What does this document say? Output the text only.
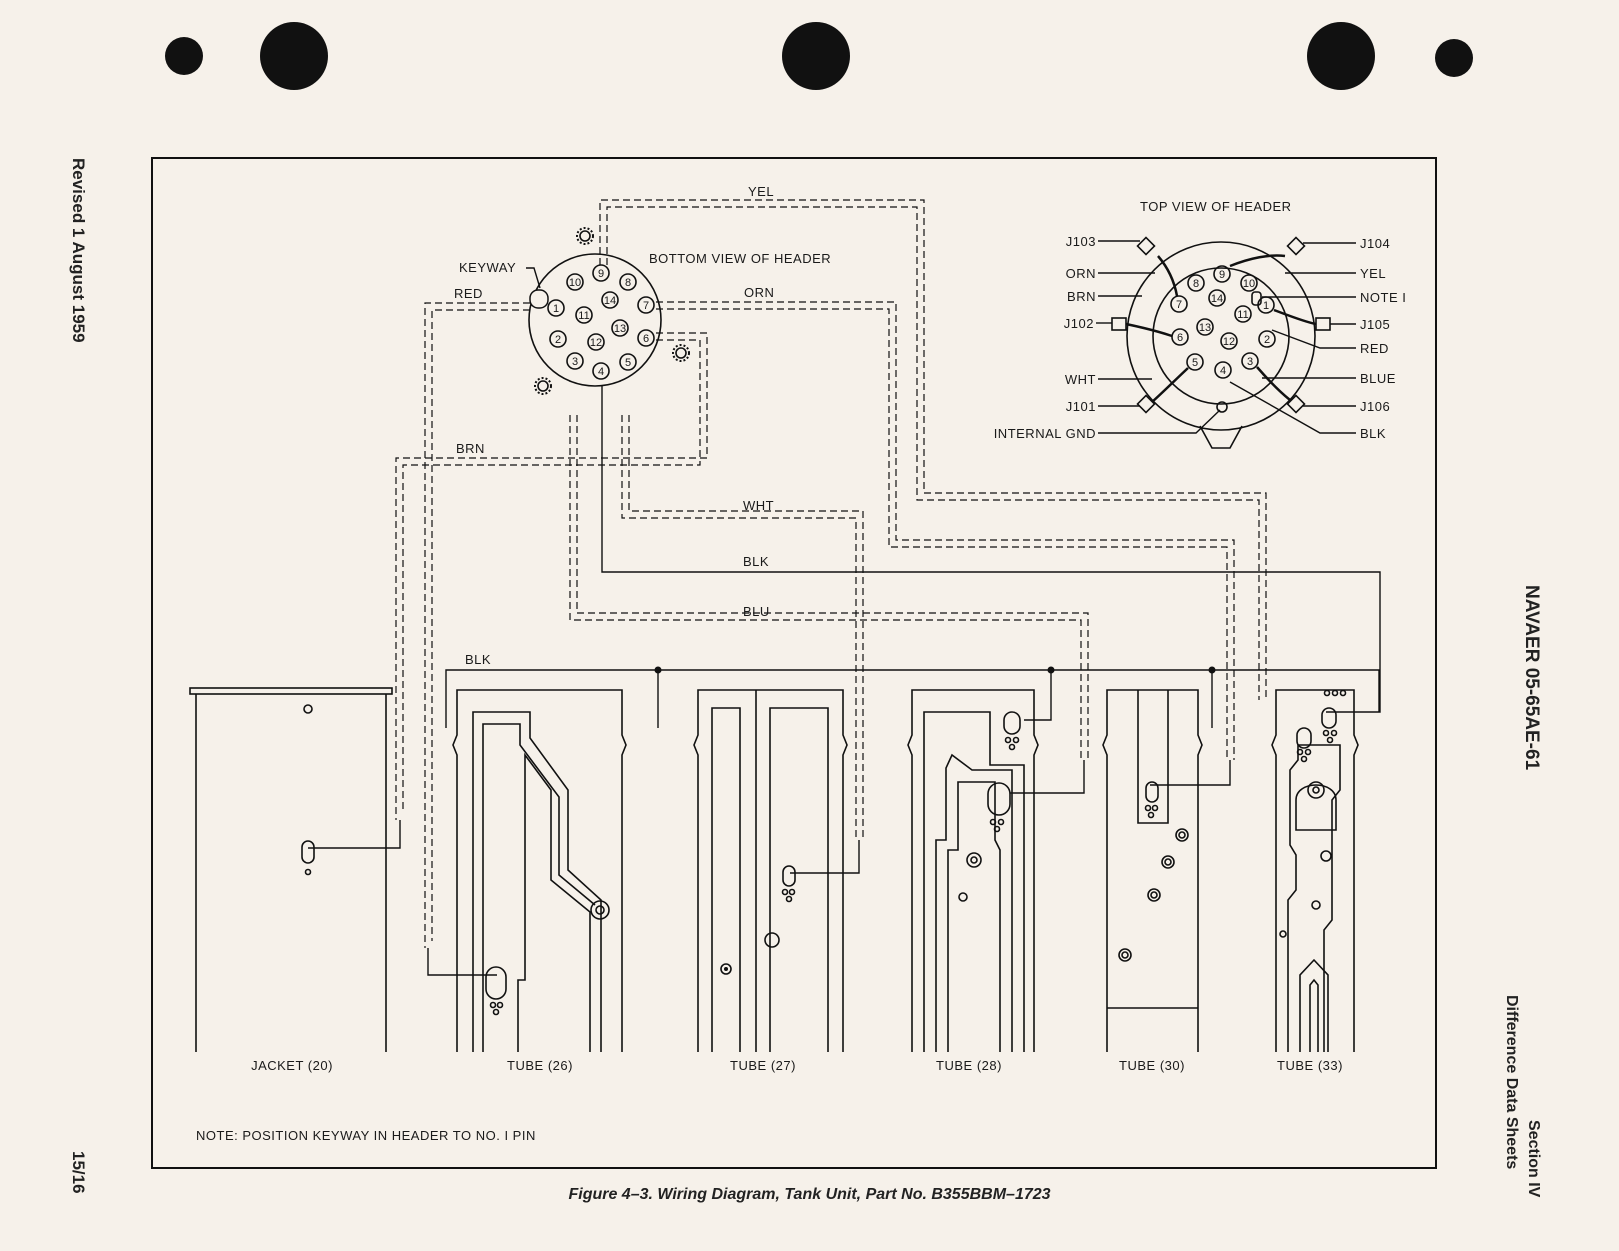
Revised 1 August 1959
15/16
NAVAER 05-65AE-61
Section IV
Difference Data Sheets
BOTTOM VIEW OF HEADER
KEYWAY
1
2
3
4
5
6
7
8
9
10
11
12
13
14
YEL
RED	ORN
BRN
WHT
BLK
BLU
BLK
TOP VIEW OF HEADER
1
2
3
4
5
6
7
8
9
10
11
12
13
14
J103
ORN
BRN
J102
WHT
J101
INTERNAL GND
J104
YEL
NOTE I
J105
RED
BLUE
J106
BLK
JACKET (20)	TUBE (26)	TUBE (27)	TUBE (28)	TUBE (30)	TUBE (33)
NOTE: POSITION KEYWAY IN HEADER TO NO. I PIN
Figure 4–3. Wiring Diagram, Tank Unit, Part No. B355BBM–1723
